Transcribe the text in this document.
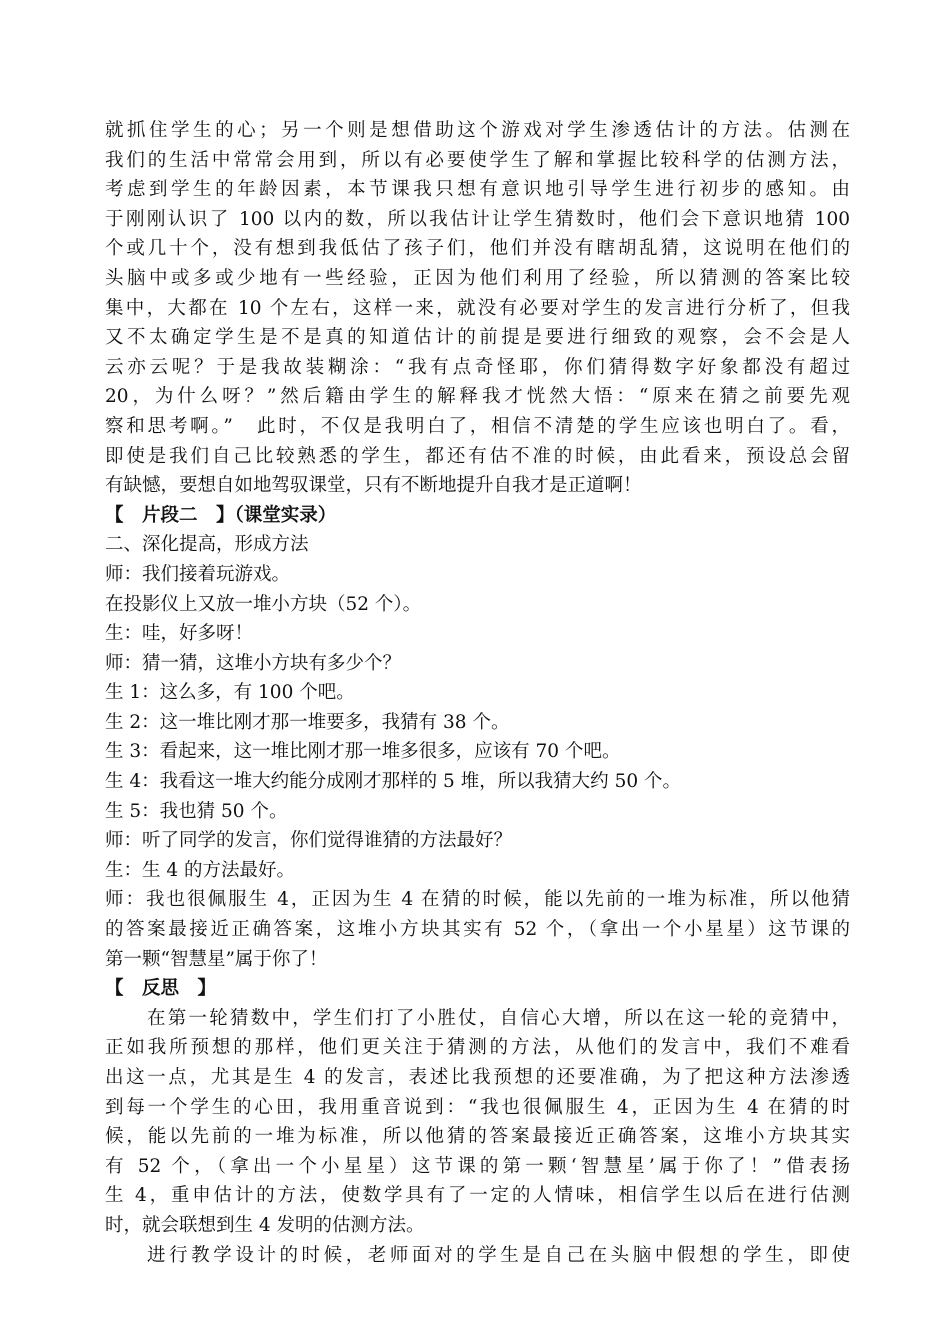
就抓住学生的心；另一个则是想借助这个游戏对学生渗透估计的方法。估测在
我们的生活中常常会用到，所以有必要使学生了解和掌握比较科学的估测方法，
考虑到学生的年龄因素，本节课我只想有意识地引导学生进行初步的感知。由
于刚刚认识了 100 以内的数，所以我估计让学生猜数时，他们会下意识地猜 100
个或几十个，没有想到我低估了孩子们，他们并没有瞎胡乱猜，这说明在他们的
头脑中或多或少地有一些经验，正因为他们利用了经验，所以猜测的答案比较
集中，大都在 10 个左右，这样一来，就没有必要对学生的发言进行分析了，但我
又不太确定学生是不是真的知道估计的前提是要进行细致的观察，会不会是人
云亦云呢？于是我故装糊涂：“我有点奇怪耶，你们猜得数字好象都没有超过
20，为什么呀？”然后籍由学生的解释我才恍然大悟：“原来在猜之前要先观
察和思考啊。”　此时，不仅是我明白了，相信不清楚的学生应该也明白了。看，
即使是我们自己比较熟悉的学生，都还有估不准的时候，由此看来，预设总会留
有缺憾，要想自如地驾驭课堂，只有不断地提升自我才是正道啊！
【　片段二　】（课堂实录）
二、深化提高，形成方法
师：我们接着玩游戏。
在投影仪上又放一堆小方块（52 个）。
生：哇，好多呀！
师：猜一猜，这堆小方块有多少个？
生 1：这么多，有 100 个吧。
生 2：这一堆比刚才那一堆要多，我猜有 38 个。
生 3：看起来，这一堆比刚才那一堆多很多，应该有 70 个吧。
生 4：我看这一堆大约能分成刚才那样的 5 堆，所以我猜大约 50 个。
生 5：我也猜 50 个。
师：听了同学的发言，你们觉得谁猜的方法最好？
生：生 4 的方法最好。
师：我也很佩服生 4，正因为生 4 在猜的时候，能以先前的一堆为标准，所以他猜
的答案最接近正确答案，这堆小方块其实有 52 个，（拿出一个小星星）这节课的
第一颗“智慧星”属于你了！
【　反思　】
在第一轮猜数中，学生们打了小胜仗，自信心大增，所以在这一轮的竞猜中，
正如我所预想的那样，他们更关注于猜测的方法，从他们的发言中，我们不难看
出这一点，尤其是生 4 的发言，表述比我预想的还要准确，为了把这种方法渗透
到每一个学生的心田，我用重音说到：“我也很佩服生 4，正因为生 4 在猜的时
候，能以先前的一堆为标准，所以他猜的答案最接近正确答案，这堆小方块其实
有 52 个，（拿出一个小星星）这节课的第一颗‘智慧星’属于你了！”借表扬
生 4，重申估计的方法，使数学具有了一定的人情味，相信学生以后在进行估测
时，就会联想到生 4 发明的估测方法。
进行教学设计的时候，老师面对的学生是自己在头脑中假想的学生，即使
